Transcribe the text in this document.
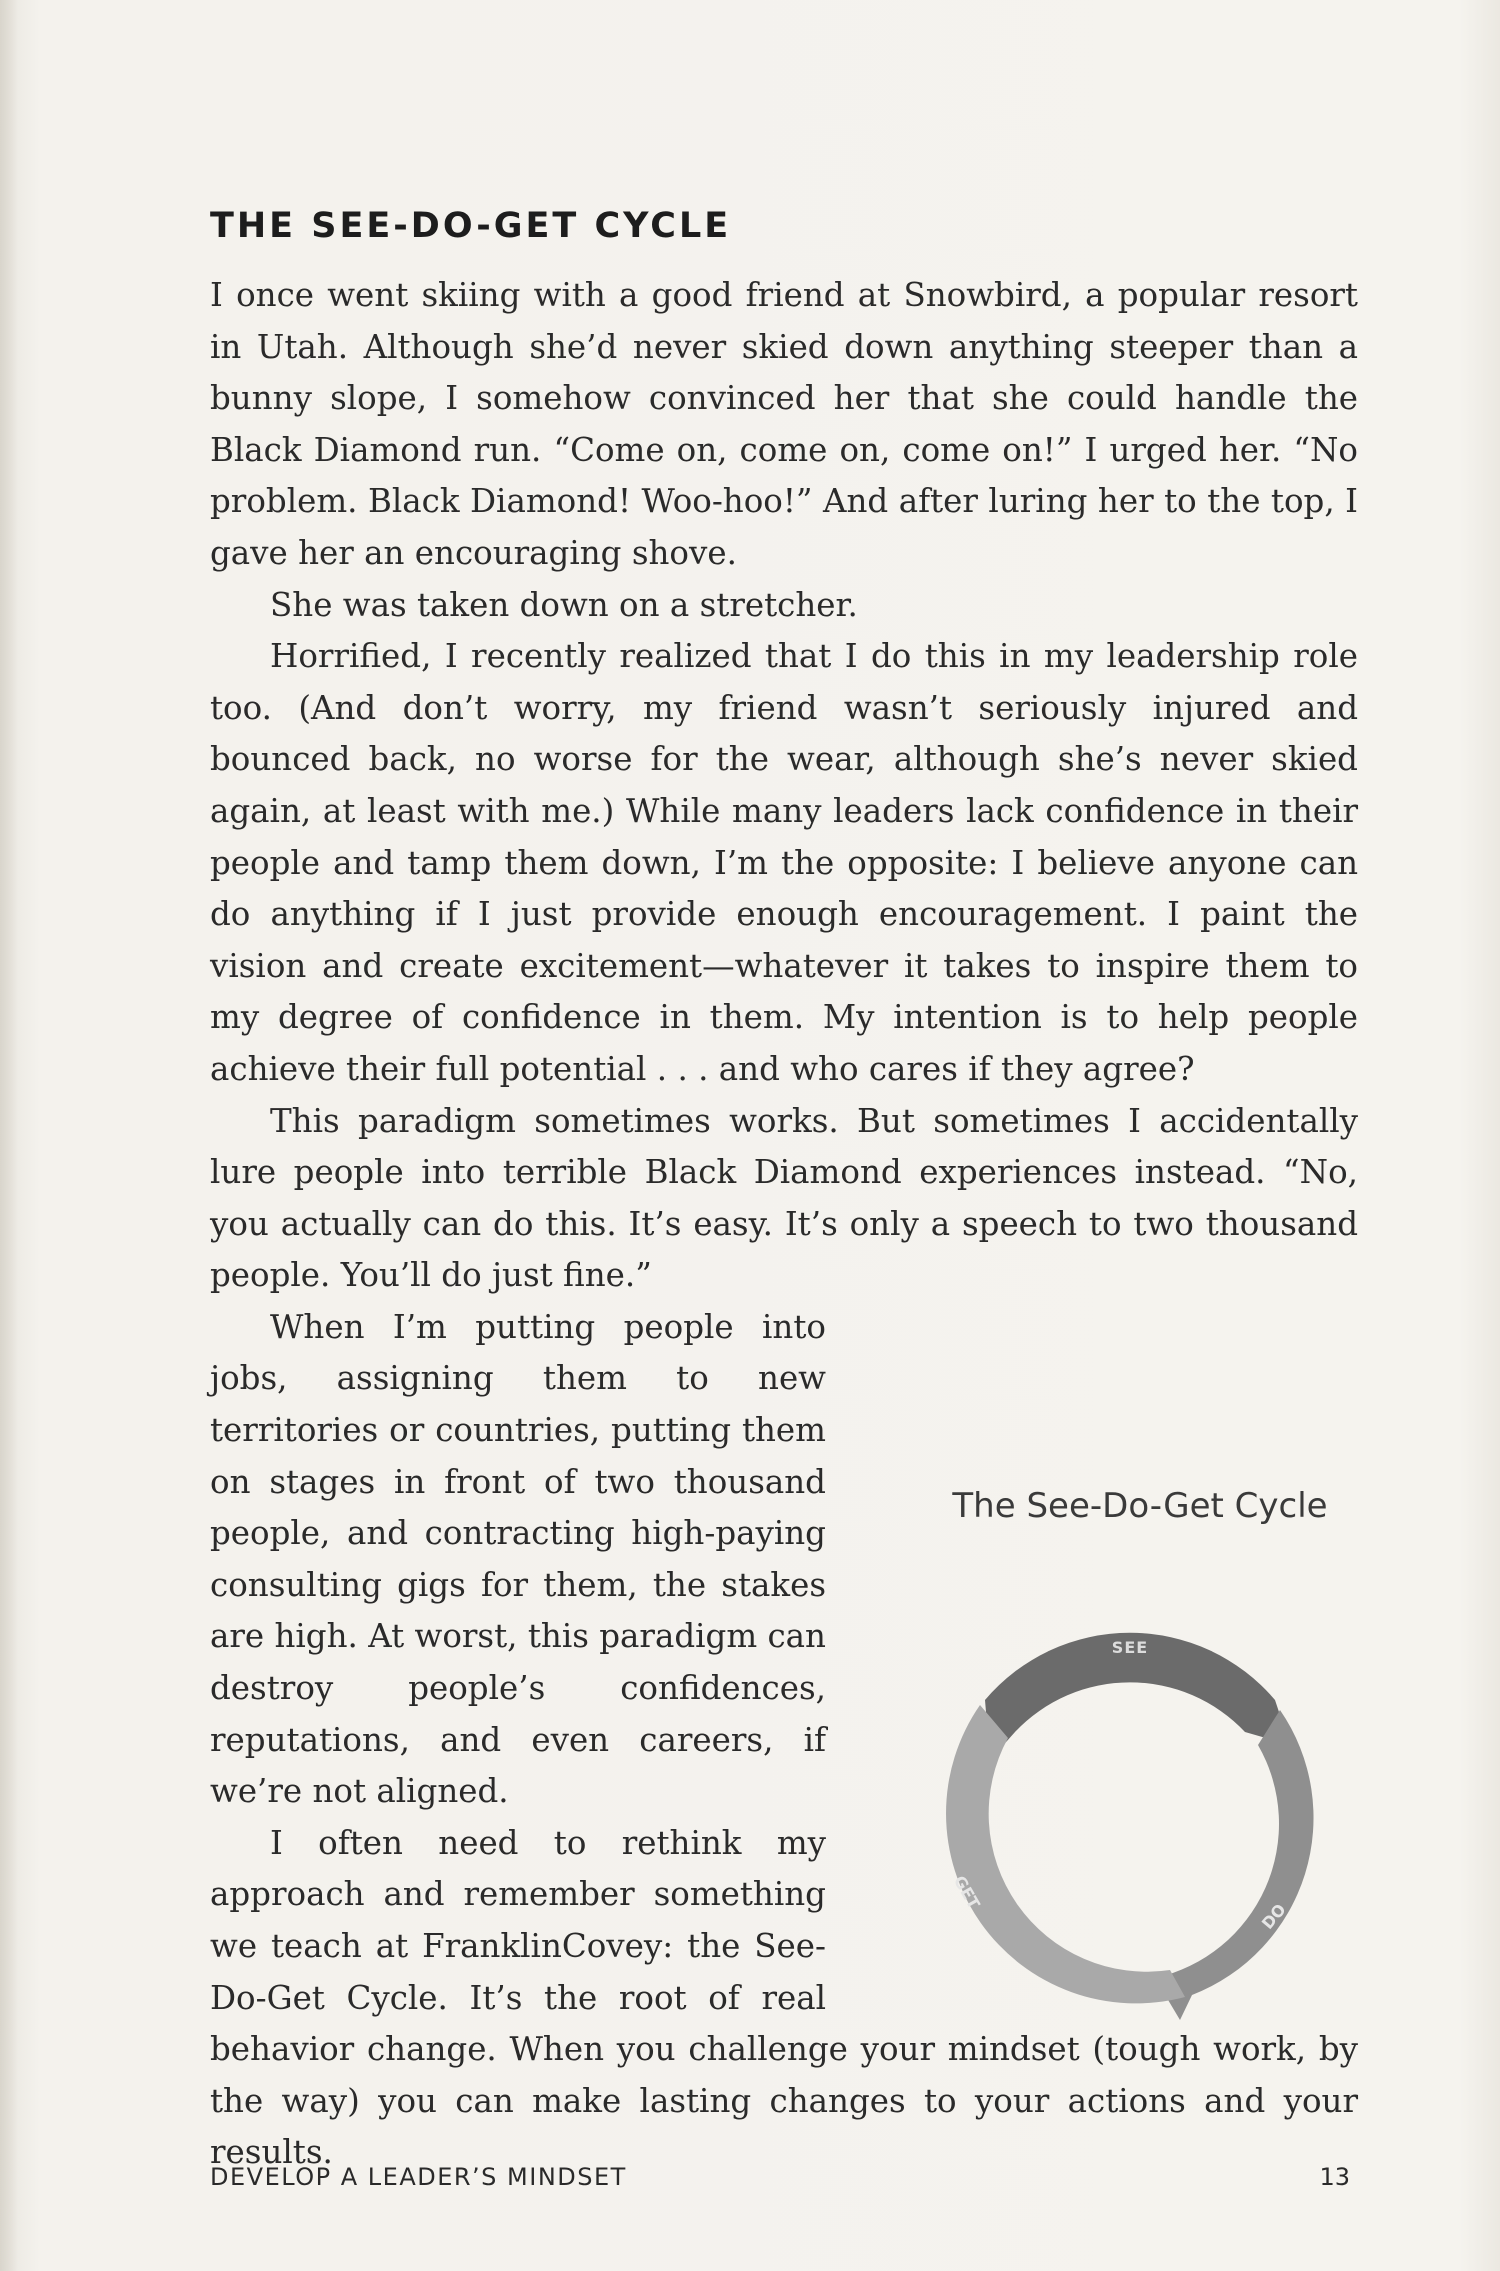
THE SEE-DO-GET CYCLE

I once went skiing with a good friend at Snowbird, a popular resort in Utah. Although she’d never skied down anything steeper than a bunny slope, I somehow convinced her that she could handle the Black Diamond run. “Come on, come on, come on!” I urged her. “No problem. Black Diamond! Woo-hoo!” And after luring her to the top, I gave her an encouraging shove.

She was taken down on a stretcher.

Horrified, I recently realized that I do this in my leadership role too. (And don’t worry, my friend wasn’t seriously injured and bounced back, no worse for the wear, although she’s never skied again, at least with me.) While many leaders lack confidence in their people and tamp them down, I’m the opposite: I believe anyone can do anything if I just provide enough encouragement. I paint the vision and create excitement—whatever it takes to inspire them to my degree of confidence in them. My intention is to help people achieve their full potential . . . and who cares if they agree?

This paradigm sometimes works. But sometimes I accidentally lure people into terrible Black Diamond experiences instead. “No, you actually can do this. It’s easy. It’s only a speech to two thousand people. You’ll do just fine.”

When I’m putting people into jobs, assigning them to new territories or countries, putting them on stages in front of two thousand people, and contracting high-paying consulting gigs for them, the stakes are high. At worst, this paradigm can destroy people’s confidences, reputations, and even careers, if we’re not aligned.

I often need to rethink my approach and remember something we teach at FranklinCovey: the See-Do-Get Cycle. It’s the root of real behavior change. When you challenge your mindset (tough work, by the way) you can make lasting changes to your actions and your results.

The See-Do-Get Cycle

SEE
DO
GET
DEVELOP A LEADER’S MINDSET	13
